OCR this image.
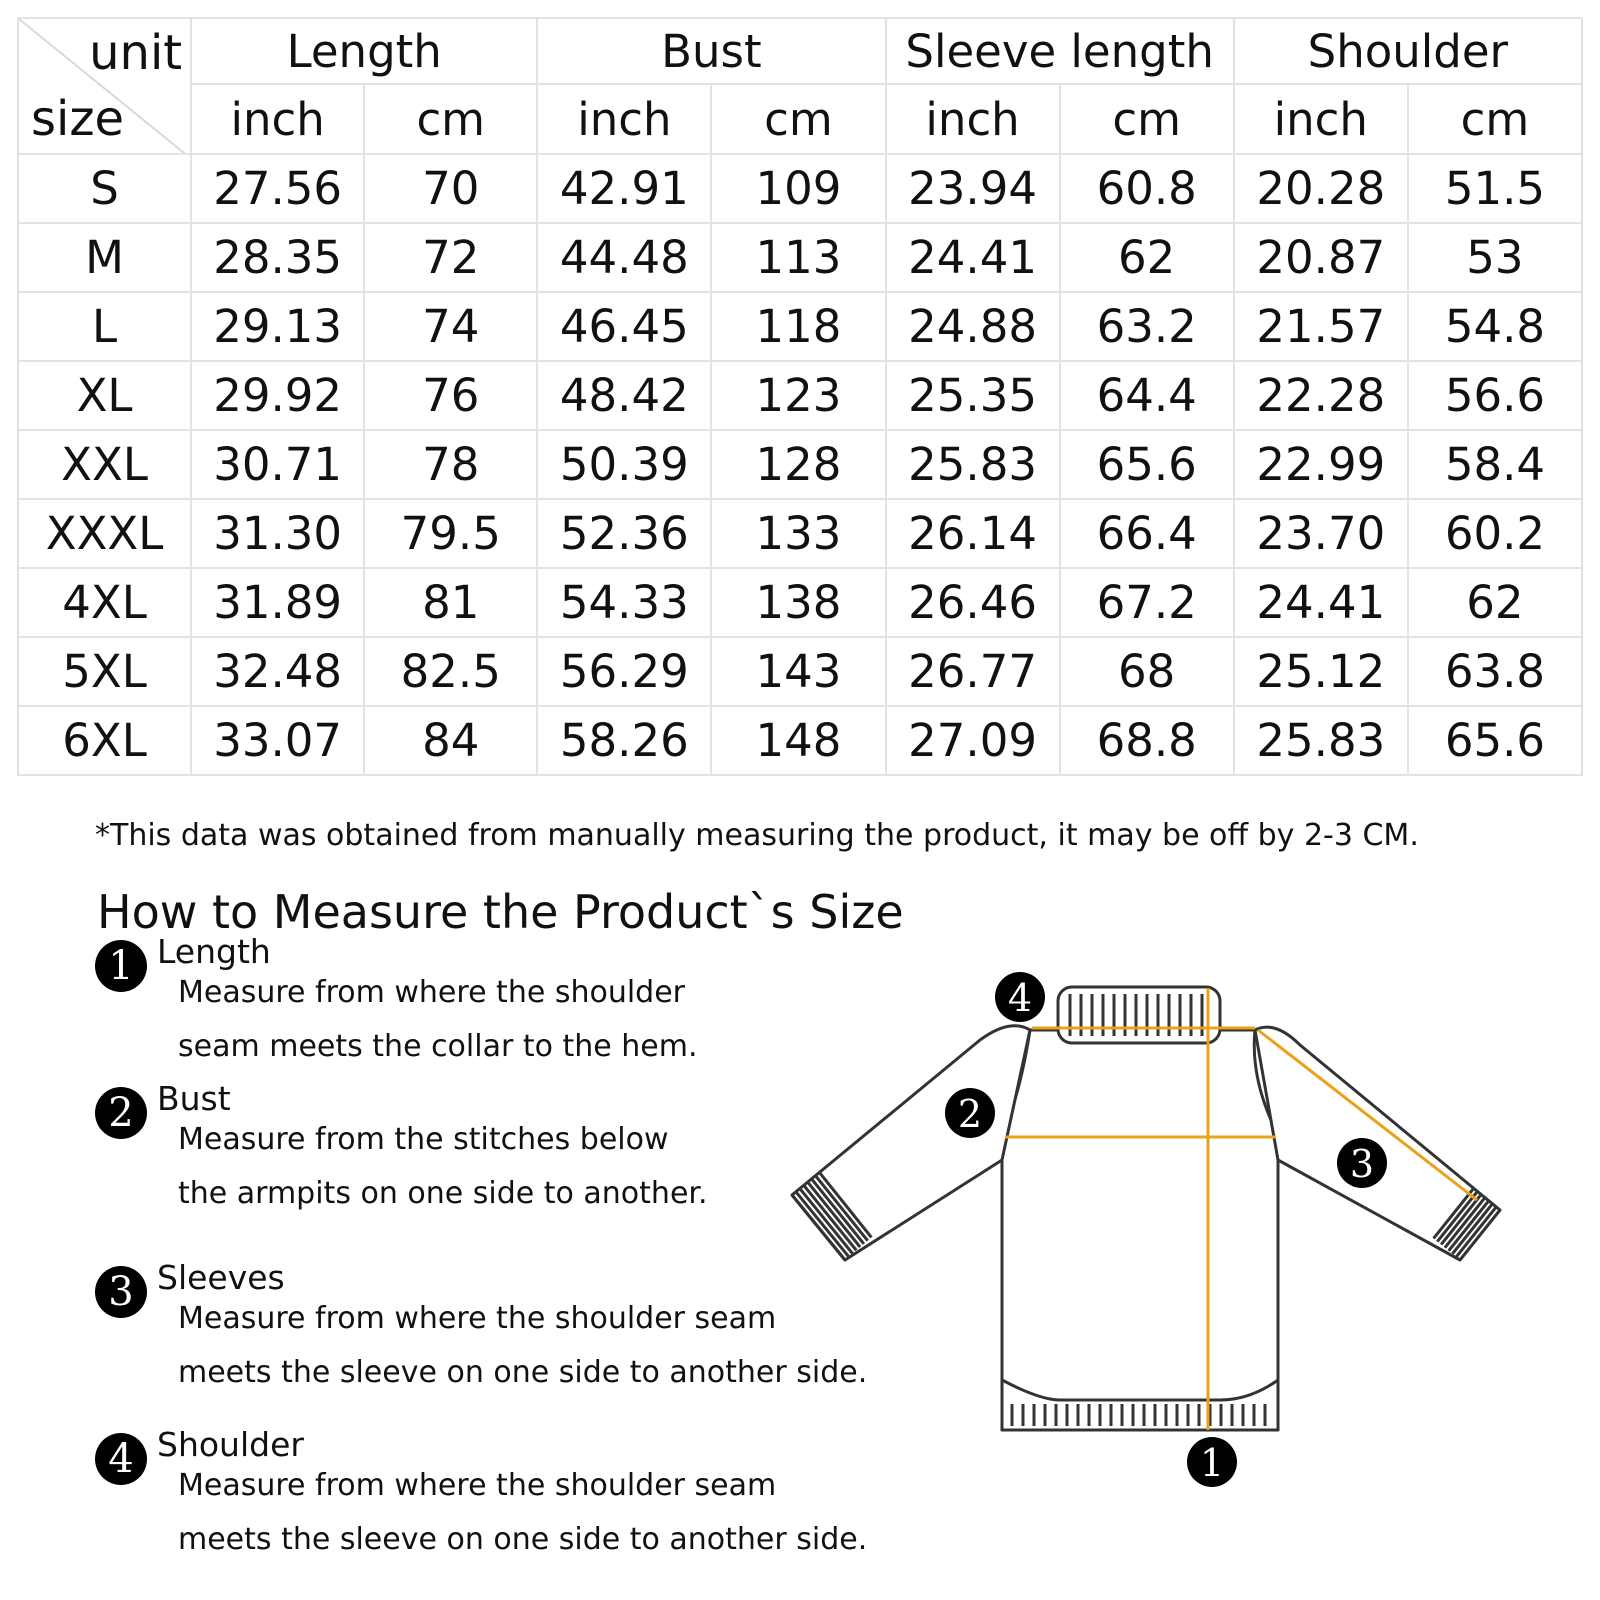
unit
size	Length		Bust		Sleeve length		Shoulder	
	inch	cm	inch	cm	inch	cm	inch	cm
S	27.56	70	42.91	109	23.94	60.8	20.28	51.5
M	28.35	72	44.48	113	24.41	62	20.87	53
L	29.13	74	46.45	118	24.88	63.2	21.57	54.8
XL	29.92	76	48.42	123	25.35	64.4	22.28	56.6
XXL	30.71	78	50.39	128	25.83	65.6	22.99	58.4
XXXL	31.30	79.5	52.36	133	26.14	66.4	23.70	60.2
4XL	31.89	81	54.33	138	26.46	67.2	24.41	62
5XL	32.48	82.5	56.29	143	26.77	68	25.12	63.8
6XL	33.07	84	58.26	148	27.09	68.8	25.83	65.6
*This data was obtained from manually measuring the product, it may be off by 2-3 CM.
How to Measure the Product`s Size
1 Length
Measure from where the shoulder
seam meets the collar to the hem.
2 Bust
Measure from the stitches below
the armpits on one side to another.
3 Sleeves
Measure from where the shoulder seam
meets the sleeve on one side to another side.
4 Shoulder
Measure from where the shoulder seam
meets the sleeve on one side to another side.
1
2
3
4
